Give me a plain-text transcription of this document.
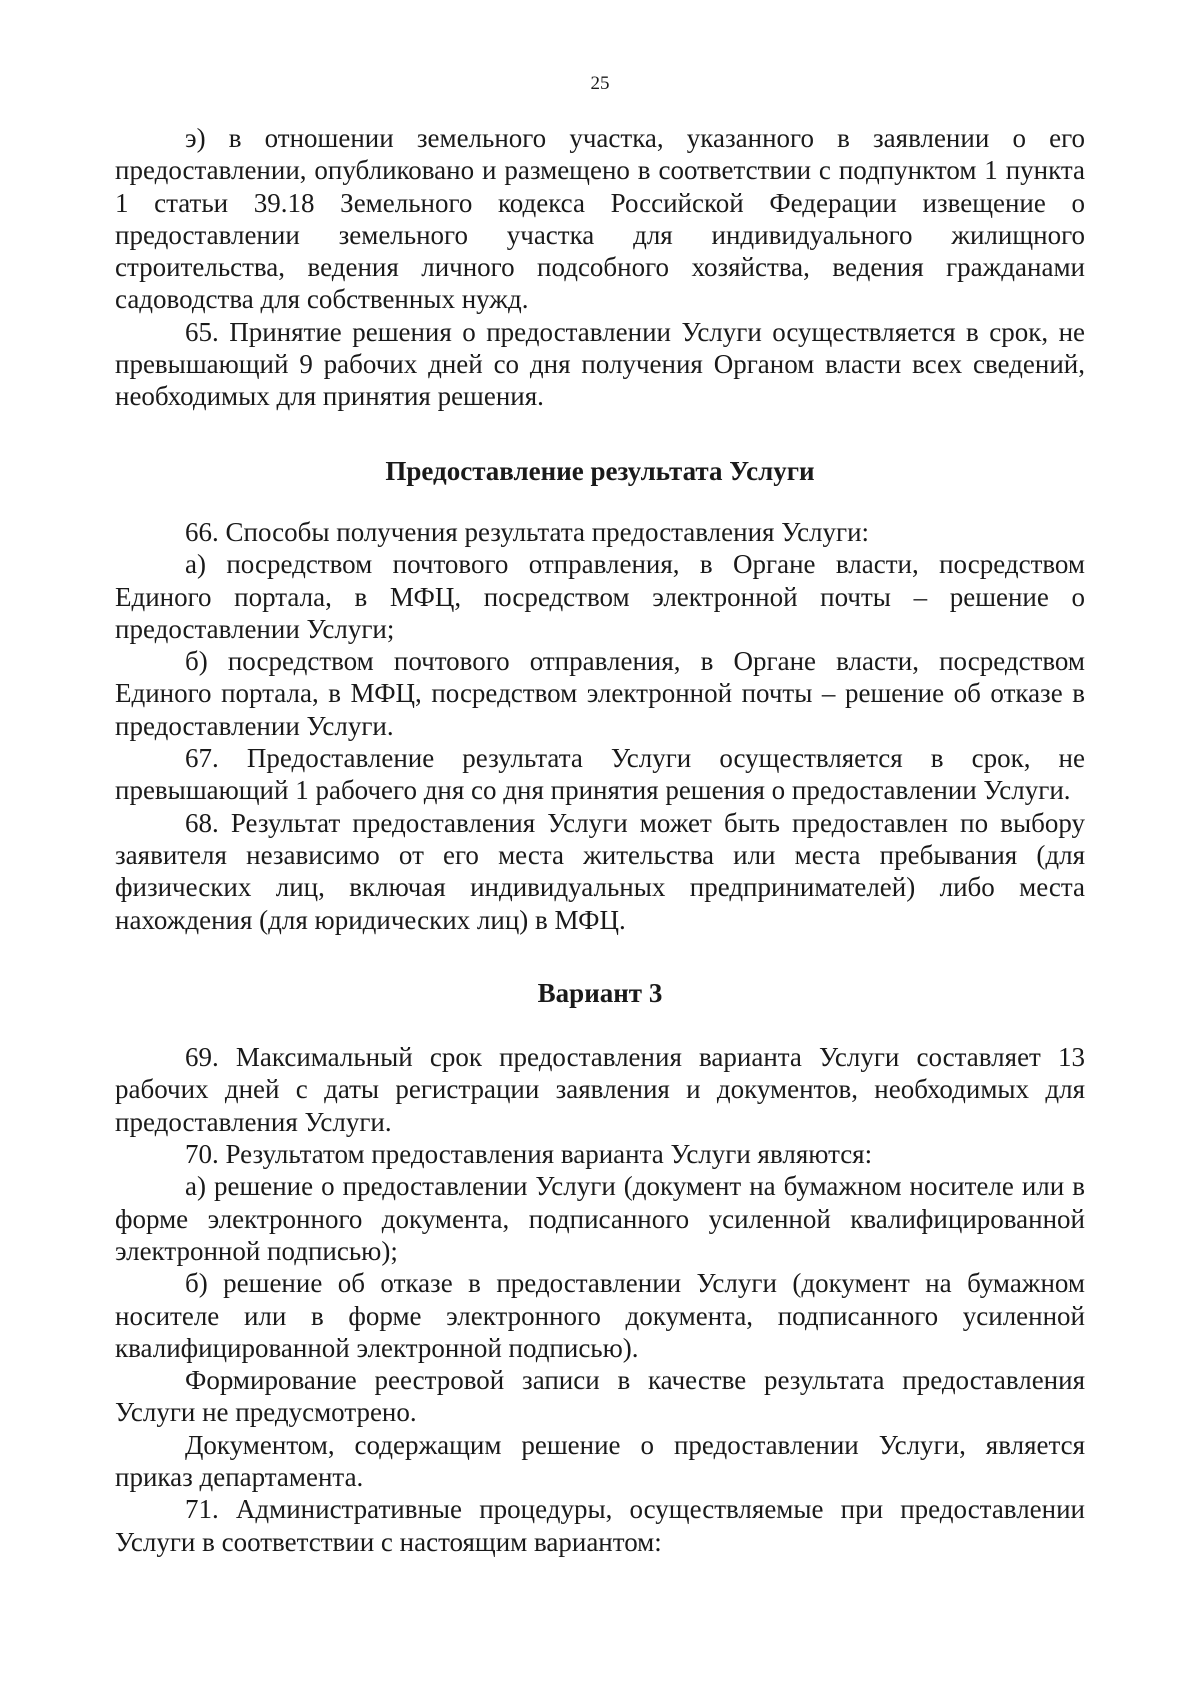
25

э) в отношении земельного участка, указанного в заявлении о его предоставлении, опубликовано и размещено в соответствии с подпунктом 1 пункта 1 статьи 39.18 Земельного кодекса Российской Федерации извещение о предоставлении земельного участка для индивидуального жилищного строительства, ведения личного подсобного хозяйства, ведения гражданами садоводства для собственных нужд.

65. Принятие решения о предоставлении Услуги осуществляется в срок, не превышающий 9 рабочих дней со дня получения Органом власти всех сведений, необходимых для принятия решения.

Предоставление результата Услуги

66. Способы получения результата предоставления Услуги:

а) посредством почтового отправления, в Органе власти, посредством Единого портала, в МФЦ, посредством электронной почты – решение о предоставлении Услуги;

б) посредством почтового отправления, в Органе власти, посредством Единого портала, в МФЦ, посредством электронной почты – решение об отказе в предоставлении Услуги.

67. Предоставление результата Услуги осуществляется в срок, не превышающий 1 рабочего дня со дня принятия решения о предоставлении Услуги.

68. Результат предоставления Услуги может быть предоставлен по выбору заявителя независимо от его места жительства или места пребывания (для физических лиц, включая индивидуальных предпринимателей) либо места нахождения (для юридических лиц) в МФЦ.

Вариант 3

69. Максимальный срок предоставления варианта Услуги составляет 13 рабочих дней с даты регистрации заявления и документов, необходимых для предоставления Услуги.

70. Результатом предоставления варианта Услуги являются:

а) решение о предоставлении Услуги (документ на бумажном носителе или в форме электронного документа, подписанного усиленной квалифицированной электронной подписью);

б) решение об отказе в предоставлении Услуги (документ на бумажном носителе или в форме электронного документа, подписанного усиленной квалифицированной электронной подписью).

Формирование реестровой записи в качестве результата предоставления Услуги не предусмотрено.

Документом, содержащим решение о предоставлении Услуги, является приказ департамента.

71. Административные процедуры, осуществляемые при предоставлении Услуги в соответствии с настоящим вариантом:
